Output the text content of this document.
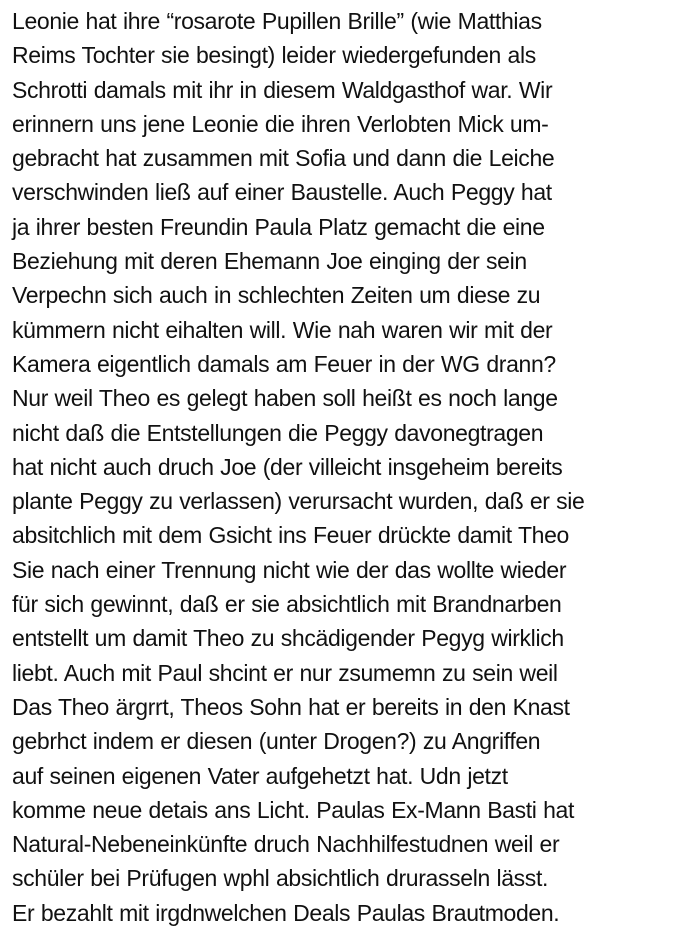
Leonie hat ihre “rosarote Pupillen Brille” (wie Matthias
Reims Tochter sie besingt) leider wiedergefunden als
Schrotti damals mit ihr in diesem Waldgasthof war. Wir
erinnern uns jene Leonie die ihren Verlobten Mick um-
gebracht hat zusammen mit Sofia und dann die Leiche
verschwinden ließ auf einer Baustelle. Auch Peggy hat
ja ihrer besten Freundin Paula Platz gemacht die eine
Beziehung mit deren Ehemann Joe einging der sein
Verpechn sich auch in schlechten Zeiten um diese zu
kümmern nicht eihalten will. Wie nah waren wir mit der
Kamera eigentlich damals am Feuer in der WG drann?
Nur weil Theo es gelegt haben soll heißt es noch lange
nicht daß die Entstellungen die Peggy davonegtragen
hat nicht auch druch Joe (der villeicht insgeheim bereits
plante Peggy zu verlassen) verursacht wurden, daß er sie
absitchlich mit dem Gsicht ins Feuer drückte damit Theo
Sie nach einer Trennung nicht wie der das wollte wieder
für sich gewinnt, daß er sie absichtlich mit Brandnarben
entstellt um damit Theo zu shcädigender Pegyg wirklich
liebt. Auch mit Paul shcint er nur zsumemn zu sein weil
Das Theo ärgrrt, Theos Sohn hat er bereits in den Knast
gebrhct indem er diesen (unter Drogen?) zu Angriffen
auf seinen eigenen Vater aufgehetzt hat. Udn jetzt
komme neue detais ans Licht. Paulas Ex-Mann Basti hat
Natural-Nebeneinkünfte druch Nachhilfestudnen weil er
schüler bei Prüfugen wphl absichtlich drurasseln lässt.
Er bezahlt mit irgdnwelchen Deals Paulas Brautmoden.
